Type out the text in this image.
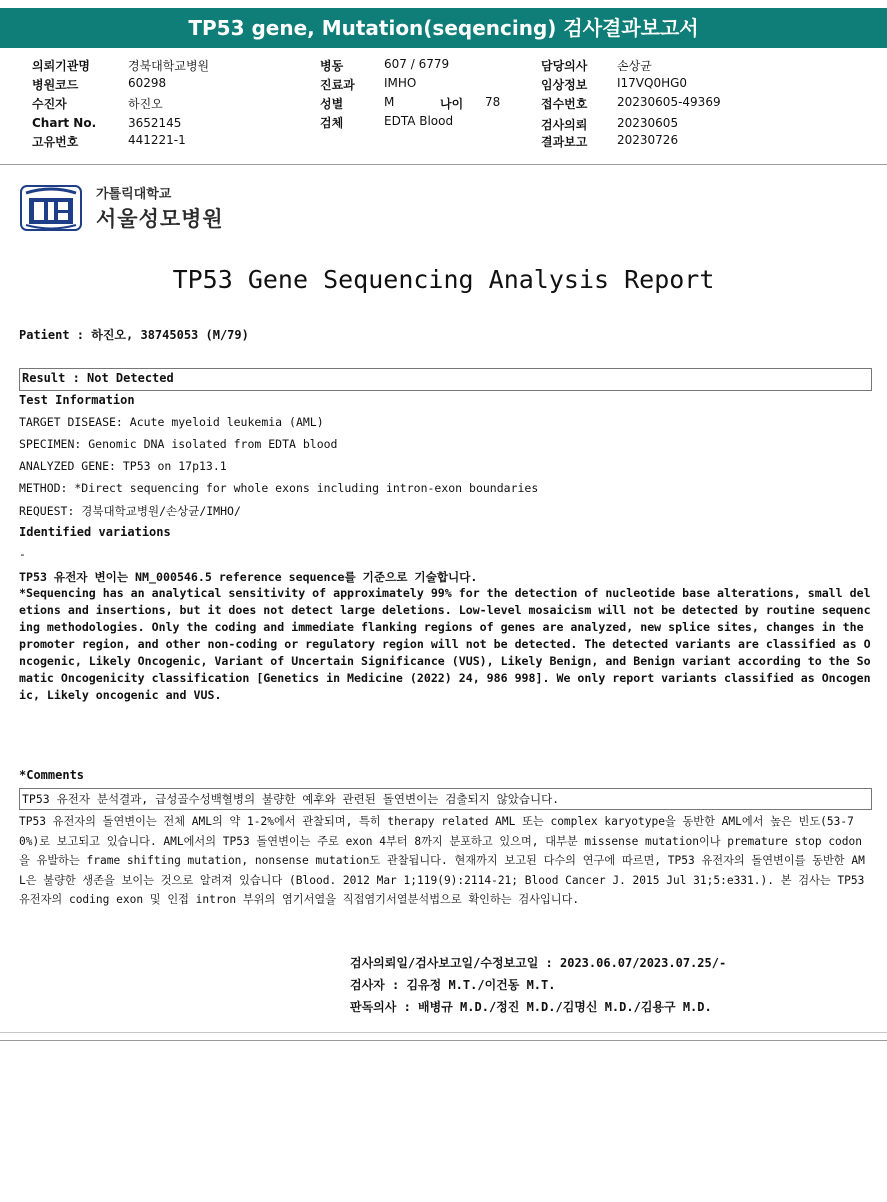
TP53 gene, Mutation(seqencing) 검사결과보고서
의뢰기관명	경북대학교병원
병원코드	60298
수진자	하진오
Chart No.	3652145
고유번호	441221-1
병동	607 / 6779
진료과 IMHO
성별	M	나이 78
검체	EDTA Blood
담당의사 손상균
임상정보 I17VQ0HG0
접수번호 20230605-49369
검사의뢰 20230605
결과보고 20230726
가톨릭대학교
서울성모병원
TP53 Gene Sequencing Analysis Report
Patient : 하진오, 38745053 (M/79)
Result : Not Detected
Test Information
TARGET DISEASE: Acute myeloid leukemia (AML)
SPECIMEN: Genomic DNA isolated from EDTA blood
ANALYZED GENE: TP53 on 17p13.1
METHOD: *Direct sequencing for whole exons including intron-exon boundaries
REQUEST: 경북대학교병원/손상균/IMHO/
Identified variations
-
TP53 유전자 변이는 NM_000546.5 reference sequence를 기준으로 기술합니다.
*Sequencing has an analytical sensitivity of approximately 99% for the detection of nucleotide base alterations, small deletions and insertions, but it does not detect large deletions. Low-level mosaicism will not be detected by routine sequencing methodologies. Only the coding and immediate flanking regions of genes are analyzed, new splice sites, changes in the promoter region, and other non-coding or regulatory region will not be detected. The detected variants are classified as Oncogenic, Likely Oncogenic, Variant of Uncertain Significance (VUS), Likely Benign, and Benign variant according to the Somatic Oncogenicity classification [Genetics in Medicine (2022) 24, 986 998]. We only report variants classified as Oncogenic, Likely oncogenic and VUS.
*Comments
TP53 유전자 분석결과, 급성골수성백혈병의 불량한 예후와 관련된 돌연변이는 검출되지 않았습니다.
TP53 유전자의 돌연변이는 전체 AML의 약 1-2%에서 관찰되며, 특히 therapy related AML 또는 complex karyotype을 동반한 AML에서 높은 빈도(53-70%)로 보고되고 있습니다. AML에서의 TP53 돌연변이는 주로 exon 4부터 8까지 분포하고 있으며, 대부분 missense mutation이나 premature stop codon을 유발하는 frame shifting mutation, nonsense mutation도 관찰됩니다. 현재까지 보고된 다수의 연구에 따르면, TP53 유전자의 돌연변이를 동반한 AML은 불량한 생존을 보이는 것으로 알려져 있습니다 (Blood. 2012 Mar 1;119(9):2114-21; Blood Cancer J. 2015 Jul 31;5:e331.). 본 검사는 TP53 유전자의 coding exon 및 인접 intron 부위의 염기서열을 직접염기서열분석법으로 확인하는 검사입니다.
검사의뢰일/검사보고일/수정보고일 : 2023.06.07/2023.07.25/-
검사자 : 김유정 M.T./이건동 M.T.
판독의사 : 배병규 M.D./정진 M.D./김명신 M.D./김용구 M.D.
